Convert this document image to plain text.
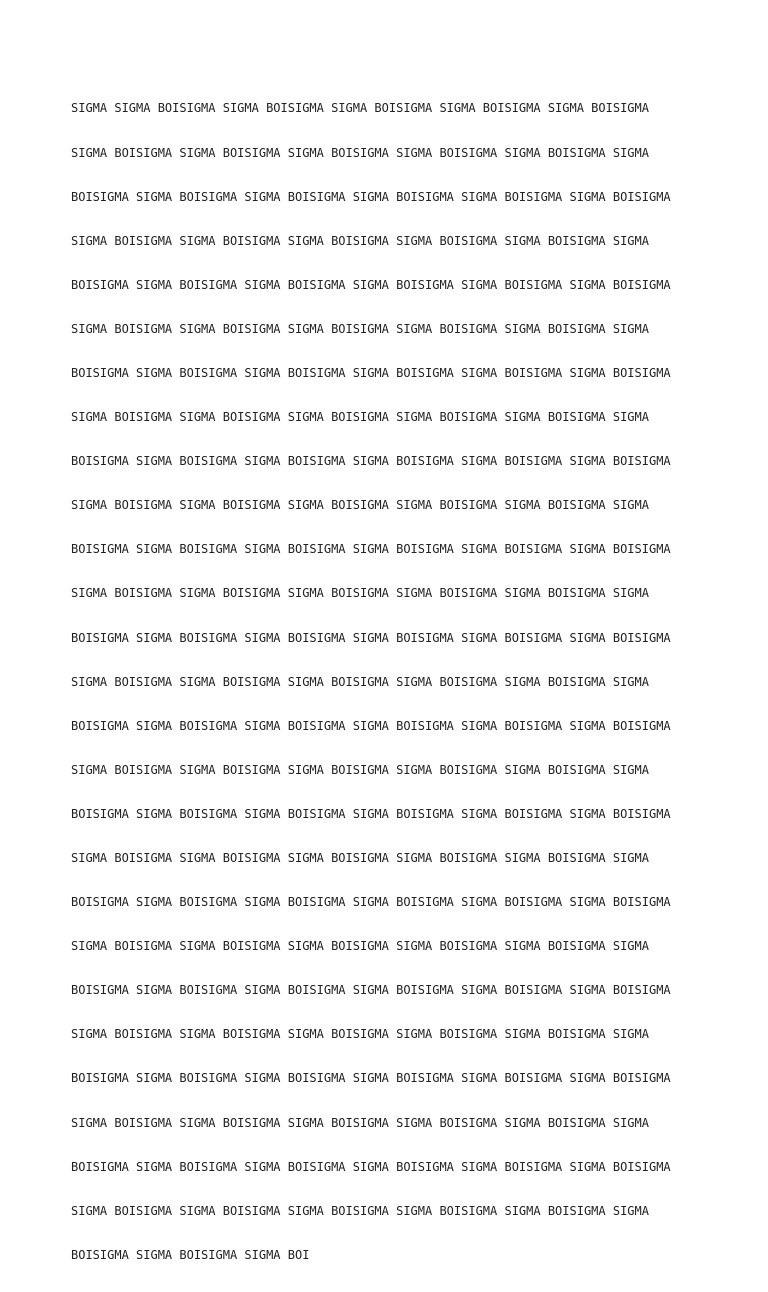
SIGMA SIGMA BOISIGMA SIGMA BOISIGMA SIGMA BOISIGMA SIGMA BOISIGMA SIGMA BOISIGMA

SIGMA BOISIGMA SIGMA BOISIGMA SIGMA BOISIGMA SIGMA BOISIGMA SIGMA BOISIGMA SIGMA

BOISIGMA SIGMA BOISIGMA SIGMA BOISIGMA SIGMA BOISIGMA SIGMA BOISIGMA SIGMA BOISIGMA

SIGMA BOISIGMA SIGMA BOISIGMA SIGMA BOISIGMA SIGMA BOISIGMA SIGMA BOISIGMA SIGMA

BOISIGMA SIGMA BOISIGMA SIGMA BOISIGMA SIGMA BOISIGMA SIGMA BOISIGMA SIGMA BOISIGMA

SIGMA BOISIGMA SIGMA BOISIGMA SIGMA BOISIGMA SIGMA BOISIGMA SIGMA BOISIGMA SIGMA

BOISIGMA SIGMA BOISIGMA SIGMA BOISIGMA SIGMA BOISIGMA SIGMA BOISIGMA SIGMA BOISIGMA

SIGMA BOISIGMA SIGMA BOISIGMA SIGMA BOISIGMA SIGMA BOISIGMA SIGMA BOISIGMA SIGMA

BOISIGMA SIGMA BOISIGMA SIGMA BOISIGMA SIGMA BOISIGMA SIGMA BOISIGMA SIGMA BOISIGMA

SIGMA BOISIGMA SIGMA BOISIGMA SIGMA BOISIGMA SIGMA BOISIGMA SIGMA BOISIGMA SIGMA

BOISIGMA SIGMA BOISIGMA SIGMA BOISIGMA SIGMA BOISIGMA SIGMA BOISIGMA SIGMA BOISIGMA

SIGMA BOISIGMA SIGMA BOISIGMA SIGMA BOISIGMA SIGMA BOISIGMA SIGMA BOISIGMA SIGMA

BOISIGMA SIGMA BOISIGMA SIGMA BOISIGMA SIGMA BOISIGMA SIGMA BOISIGMA SIGMA BOISIGMA

SIGMA BOISIGMA SIGMA BOISIGMA SIGMA BOISIGMA SIGMA BOISIGMA SIGMA BOISIGMA SIGMA

BOISIGMA SIGMA BOISIGMA SIGMA BOISIGMA SIGMA BOISIGMA SIGMA BOISIGMA SIGMA BOISIGMA

SIGMA BOISIGMA SIGMA BOISIGMA SIGMA BOISIGMA SIGMA BOISIGMA SIGMA BOISIGMA SIGMA

BOISIGMA SIGMA BOISIGMA SIGMA BOISIGMA SIGMA BOISIGMA SIGMA BOISIGMA SIGMA BOISIGMA

SIGMA BOISIGMA SIGMA BOISIGMA SIGMA BOISIGMA SIGMA BOISIGMA SIGMA BOISIGMA SIGMA

BOISIGMA SIGMA BOISIGMA SIGMA BOISIGMA SIGMA BOISIGMA SIGMA BOISIGMA SIGMA BOISIGMA

SIGMA BOISIGMA SIGMA BOISIGMA SIGMA BOISIGMA SIGMA BOISIGMA SIGMA BOISIGMA SIGMA

BOISIGMA SIGMA BOISIGMA SIGMA BOISIGMA SIGMA BOISIGMA SIGMA BOISIGMA SIGMA BOISIGMA

SIGMA BOISIGMA SIGMA BOISIGMA SIGMA BOISIGMA SIGMA BOISIGMA SIGMA BOISIGMA SIGMA

BOISIGMA SIGMA BOISIGMA SIGMA BOISIGMA SIGMA BOISIGMA SIGMA BOISIGMA SIGMA BOISIGMA

SIGMA BOISIGMA SIGMA BOISIGMA SIGMA BOISIGMA SIGMA BOISIGMA SIGMA BOISIGMA SIGMA

BOISIGMA SIGMA BOISIGMA SIGMA BOISIGMA SIGMA BOISIGMA SIGMA BOISIGMA SIGMA BOISIGMA

SIGMA BOISIGMA SIGMA BOISIGMA SIGMA BOISIGMA SIGMA BOISIGMA SIGMA BOISIGMA SIGMA

BOISIGMA SIGMA BOISIGMA SIGMA BOI
